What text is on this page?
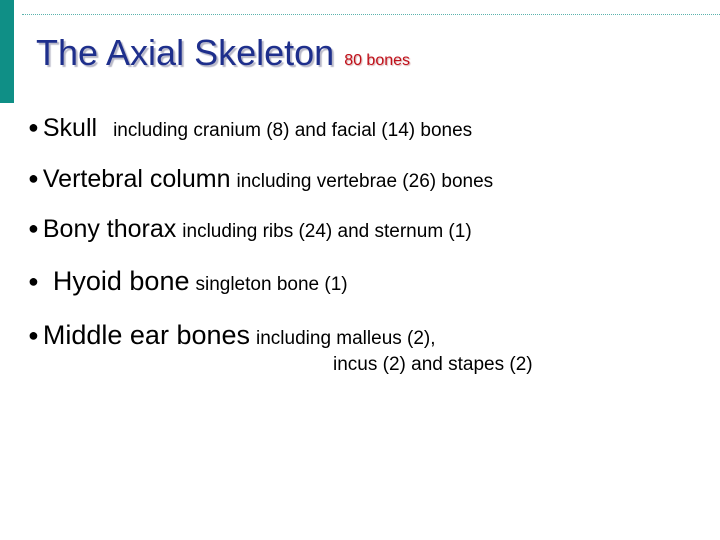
The Axial Skeleton 80 bones
● Skull including cranium (8) and facial (14) bones
● Vertebral column including vertebrae (26) bones
● Bony thorax including ribs (24) and sternum (1)
● Hyoid bone singleton bone (1)
● Middle ear bones including malleus (2),
incus (2) and stapes (2)
